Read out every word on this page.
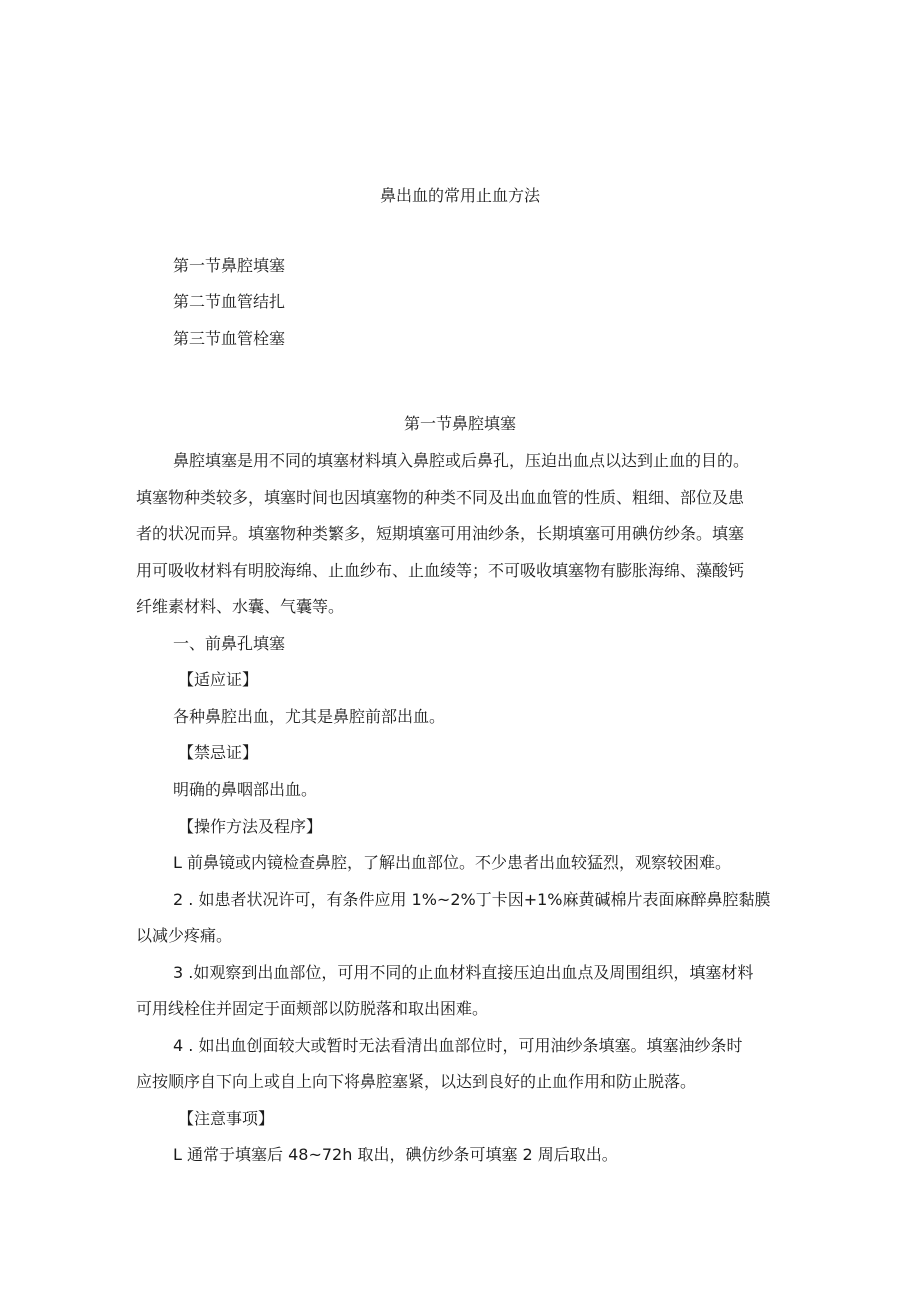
鼻出血的常用止血方法

第一节鼻腔填塞

第二节血管结扎

第三节血管栓塞

第一节鼻腔填塞

鼻腔填塞是用不同的填塞材料填入鼻腔或后鼻孔，压迫出血点以达到止血的目的。

填塞物种类较多，填塞时间也因填塞物的种类不同及出血血管的性质、粗细、部位及患

者的状况而异。填塞物种类繁多，短期填塞可用油纱条，长期填塞可用碘仿纱条。填塞

用可吸收材料有明胶海绵、止血纱布、止血绫等；不可吸收填塞物有膨胀海绵、藻酸钙

纤维素材料、水囊、气囊等。

一、前鼻孔填塞

【适应证】

各种鼻腔出血，尤其是鼻腔前部出血。

【禁忌证】

明确的鼻咽部出血。

【操作方法及程序】

L 前鼻镜或内镜检查鼻腔，了解出血部位。不少患者出血较猛烈，观察较困难。

2 . 如患者状况许可，有条件应用 1%~2%丁卡因+1%麻黄碱棉片表面麻醉鼻腔黏膜

以减少疼痛。

3 .如观察到出血部位，可用不同的止血材料直接压迫出血点及周围组织，填塞材料

可用线栓住并固定于面颊部以防脱落和取出困难。

4 . 如出血创面较大或暂时无法看清出血部位时，可用油纱条填塞。填塞油纱条时

应按顺序自下向上或自上向下将鼻腔塞紧，以达到良好的止血作用和防止脱落。

【注意事项】

L 通常于填塞后 48~72h 取出，碘仿纱条可填塞 2 周后取出。
